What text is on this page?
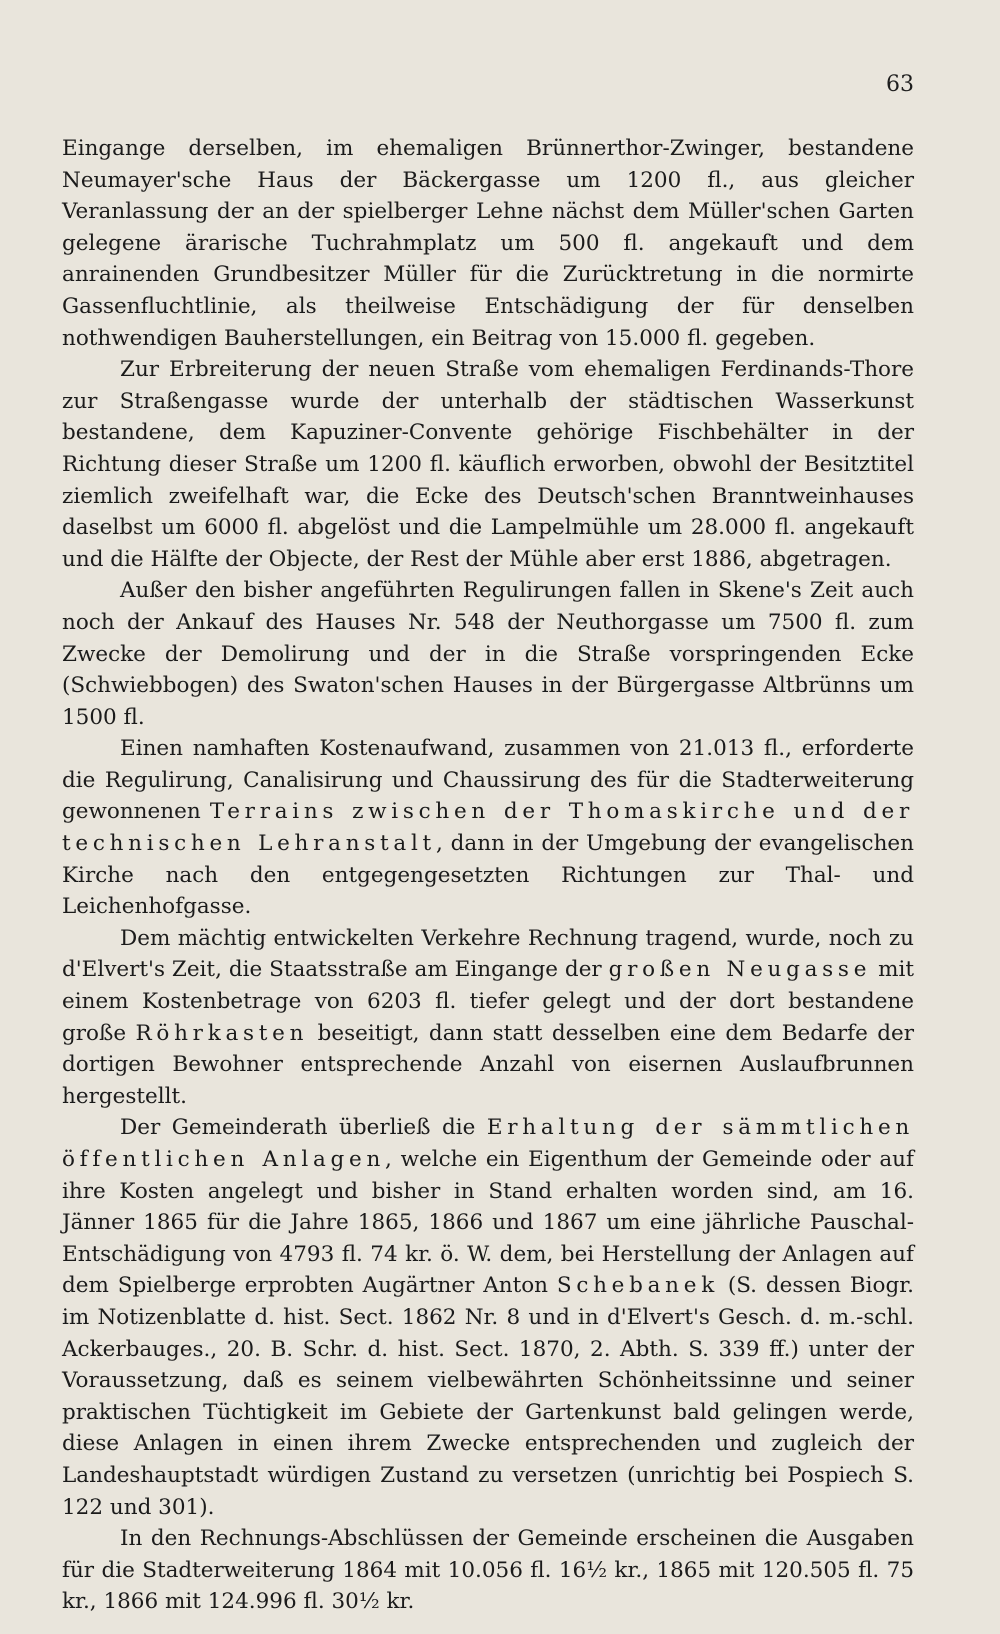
63

Eingange derselben, im ehemaligen Brünnerthor-Zwinger, bestandene Neumayer'sche Haus der Bäckergasse um 1200 fl., aus gleicher Veranlassung der an der spielberger Lehne nächst dem Müller'schen Garten gelegene ärarische Tuchrahmplatz um 500 fl. angekauft und dem anrainenden Grundbesitzer Müller für die Zurücktretung in die normirte Gassenfluchtlinie, als theilweise Entschädigung der für denselben nothwendigen Bauherstellungen, ein Beitrag von 15.000 fl. gegeben.

Zur Erbreiterung der neuen Straße vom ehemaligen Ferdinands-Thore zur Straßengasse wurde der unterhalb der städtischen Wasserkunst bestandene, dem Kapuziner-Convente gehörige Fischbehälter in der Richtung dieser Straße um 1200 fl. käuflich erworben, obwohl der Besitztitel ziemlich zweifelhaft war, die Ecke des Deutsch'schen Branntweinhauses daselbst um 6000 fl. abgelöst und die Lampelmühle um 28.000 fl. angekauft und die Hälfte der Objecte, der Rest der Mühle aber erst 1886, abgetragen.

Außer den bisher angeführten Regulirungen fallen in Skene's Zeit auch noch der Ankauf des Hauses Nr. 548 der Neuthorgasse um 7500 fl. zum Zwecke der Demolirung und der in die Straße vorspringenden Ecke (Schwiebbogen) des Swaton'schen Hauses in der Bürgergasse Altbrünns um 1500 fl.

Einen namhaften Kostenaufwand, zusammen von 21.013 fl., erforderte die Regulirung, Canalisirung und Chaussirung des für die Stadterweiterung gewonnenen Terrains zwischen der Thomaskirche und der technischen Lehranstalt, dann in der Umgebung der evangelischen Kirche nach den entgegengesetzten Richtungen zur Thal- und Leichenhofgasse.

Dem mächtig entwickelten Verkehre Rechnung tragend, wurde, noch zu d'Elvert's Zeit, die Staatsstraße am Eingange der großen Neugasse mit einem Kostenbetrage von 6203 fl. tiefer gelegt und der dort bestandene große Röhrkasten beseitigt, dann statt desselben eine dem Bedarfe der dortigen Bewohner entsprechende Anzahl von eisernen Auslaufbrunnen hergestellt.

Der Gemeinderath überließ die Erhaltung der sämmtlichen öffentlichen Anlagen, welche ein Eigenthum der Gemeinde oder auf ihre Kosten angelegt und bisher in Stand erhalten worden sind, am 16. Jänner 1865 für die Jahre 1865, 1866 und 1867 um eine jährliche Pauschal-Entschädigung von 4793 fl. 74 kr. ö. W. dem, bei Herstellung der Anlagen auf dem Spielberge erprobten Augärtner Anton Schebanek (S. dessen Biogr. im Notizenblatte d. hist. Sect. 1862 Nr. 8 und in d'Elvert's Gesch. d. m.-schl. Ackerbauges., 20. B. Schr. d. hist. Sect. 1870, 2. Abth. S. 339 ff.) unter der Voraussetzung, daß es seinem vielbewährten Schönheitssinne und seiner praktischen Tüchtigkeit im Gebiete der Gartenkunst bald gelingen werde, diese Anlagen in einen ihrem Zwecke entsprechenden und zugleich der Landeshauptstadt würdigen Zustand zu versetzen (unrichtig bei Pospiech S. 122 und 301).

In den Rechnungs-Abschlüssen der Gemeinde erscheinen die Ausgaben für die Stadterweiterung 1864 mit 10.056 fl. 16½ kr., 1865 mit 120.505 fl. 75 kr., 1866 mit 124.996 fl. 30½ kr.
